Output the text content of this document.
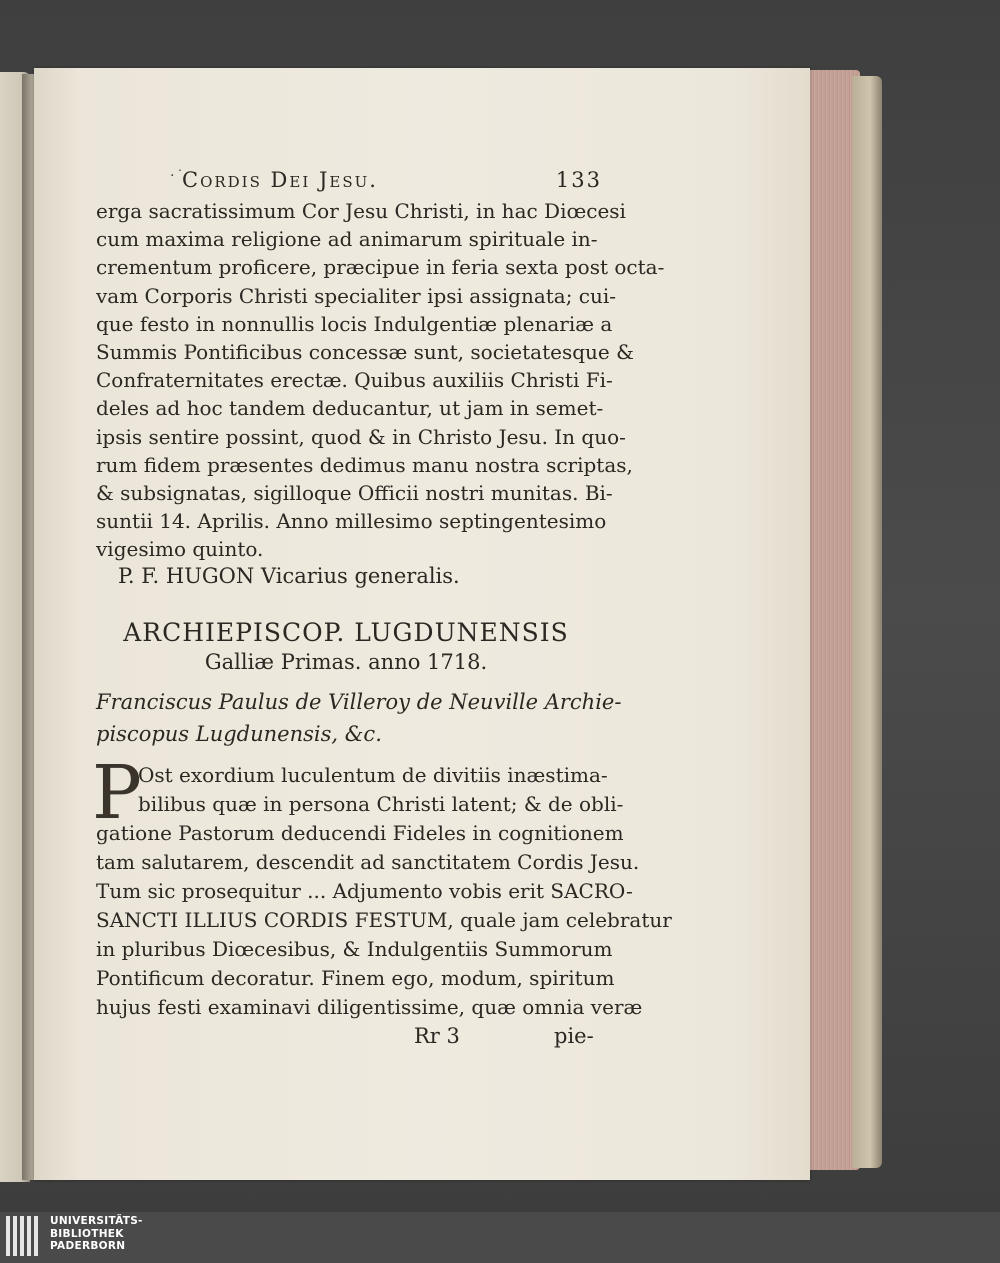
·˙
Cordis Dei Jesu.	133
erga sacratissimum Cor Jesu Christi, in hac Diœcesi
cum maxima religione ad animarum spirituale in-
crementum proficere, præcipue in feria sexta post octa-
vam Corporis Christi specialiter ipsi assignata; cui-
que festo in nonnullis locis Indulgentiæ plenariæ a
Summis Pontificibus concessæ sunt, societatesque &
Confraternitates erectæ. Quibus auxiliis Christi Fi-
deles ad hoc tandem deducantur, ut jam in semet-
ipsis sentire possint, quod & in Christo Jesu. In quo-
rum fidem præsentes dedimus manu nostra scriptas,
& subsignatas, sigilloque Officii nostri munitas. Bi-
suntii 14. Aprilis. Anno millesimo septingentesimo
vigesimo quinto.
P. F. HUGON Vicarius generalis.
ARCHIEPISCOP. LUGDUNENSIS
Galliæ Primas. anno 1718.
Franciscus Paulus de Villeroy de Neuville Archie-
piscopus Lugdunensis, &c.
P
Ost exordium luculentum de divitiis inæstima-
bilibus quæ in persona Christi latent; & de obli-
gatione Pastorum deducendi Fideles in cognitionem
tam salutarem, descendit ad sanctitatem Cordis Jesu.
Tum sic prosequitur ... Adjumento vobis erit SACRO-
SANCTI ILLIUS CORDIS FESTUM, quale jam celebratur
in pluribus Diœcesibus, & Indulgentiis Summorum
Pontificum decoratur. Finem ego, modum, spiritum
hujus festi examinavi diligentissime, quæ omnia veræ
Rr 3	pie-
UNIVERSITÄTS-
BIBLIOTHEK
PADERBORN
